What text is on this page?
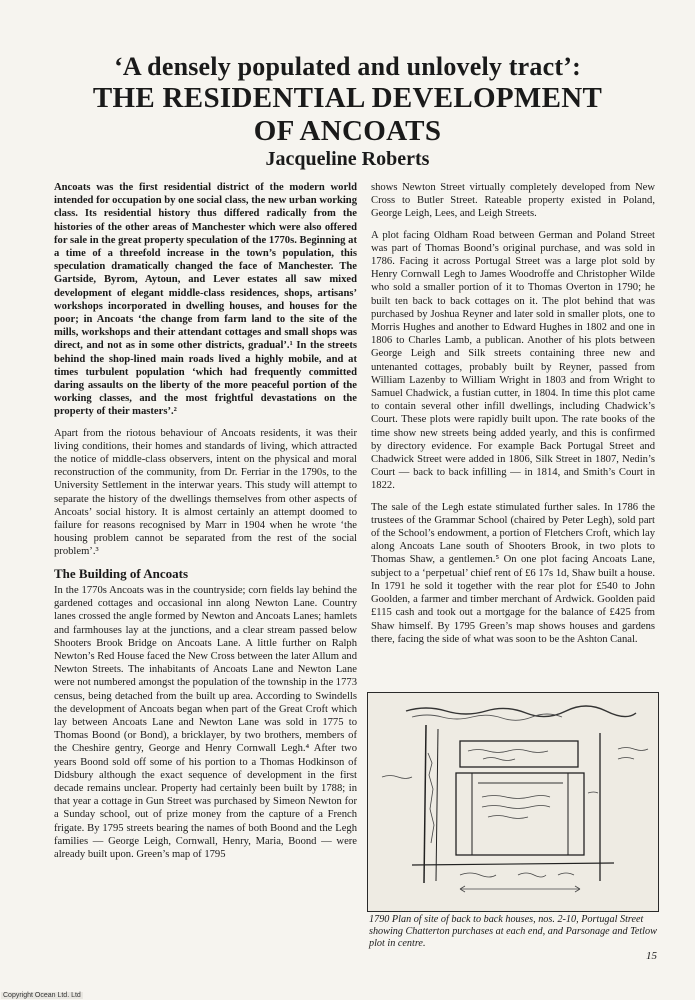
‘A densely populated and unlovely tract’:
THE RESIDENTIAL DEVELOPMENT
OF ANCOATS
Jacqueline Roberts

Ancoats was the first residential district of the modern world intended for occupation by one social class, the new urban working class. Its residential history thus differed radically from the histories of the other areas of Manchester which were also offered for sale in the great property speculation of the 1770s. Beginning at a time of a threefold increase in the town’s population, this speculation dramatically changed the face of Manchester. The Gartside, Byrom, Aytoun, and Lever estates all saw mixed development of elegant middle-class residences, shops, artisans’ workshops incorporated in dwelling houses, and houses for the poor; in Ancoats ‘the change from farm land to the site of the mills, workshops and their attendant cottages and small shops was direct, and not as in some other districts, gradual’.¹ In the streets behind the shop-lined main roads lived a highly mobile, and at times turbulent population ‘which had frequently committed daring assaults on the liberty of the more peaceful portion of the working classes, and the most frightful devastations on the property of their masters’.²

Apart from the riotous behaviour of Ancoats residents, it was their living conditions, their homes and standards of living, which attracted the notice of middle-class observers, intent on the physical and moral reconstruction of the community, from Dr. Ferriar in the 1790s, to the University Settlement in the interwar years. This study will attempt to separate the history of the dwellings themselves from other aspects of Ancoats’ social history. It is almost certainly an attempt doomed to failure for reasons recognised by Marr in 1904 when he wrote ‘the housing problem cannot be separated from the rest of the social problem’.³

The Building of Ancoats

In the 1770s Ancoats was in the countryside; corn fields lay behind the gardened cottages and occasional inn along Newton Lane. Country lanes crossed the angle formed by Newton and Ancoats Lanes; hamlets and farmhouses lay at the junctions, and a clear stream passed below Shooters Brook Bridge on Ancoats Lane. A little further on Ralph Newton’s Red House faced the New Cross between the later Allum and Newton Streets. The inhabitants of Ancoats Lane and Newton Lane were not numbered amongst the population of the township in the 1773 census, being detached from the built up area. According to Swindells the development of Ancoats began when part of the Great Croft which lay between Ancoats Lane and Newton Lane was sold in 1775 to Thomas Boond (or Bond), a bricklayer, by two brothers, members of the Cheshire gentry, George and Henry Cornwall Legh.⁴ After two years Boond sold off some of his portion to a Thomas Hodkinson of Didsbury although the exact sequence of development in the first decade remains unclear. Property had certainly been built by 1788; in that year a cottage in Gun Street was purchased by Simeon Newton for a Sunday school, out of prize money from the capture of a French frigate. By 1795 streets bearing the names of both Boond and the Legh families — George Leigh, Cornwall, Henry, Maria, Boond — were already built upon. Green’s map of 1795

shows Newton Street virtually completely developed from New Cross to Butler Street. Rateable property existed in Poland, George Leigh, Lees, and Leigh Streets.

A plot facing Oldham Road between German and Poland Street was part of Thomas Boond’s original purchase, and was sold in 1786. Facing it across Portugal Street was a large plot sold by Henry Cornwall Legh to James Woodroffe and Christopher Wilde who sold a smaller portion of it to Thomas Overton in 1790; he built ten back to back cottages on it. The plot behind that was purchased by Joshua Reyner and later sold in smaller plots, one to Morris Hughes and another to Edward Hughes in 1802 and one in 1806 to Charles Lamb, a publican. Another of his plots between George Leigh and Silk streets containing three new and untenanted cottages, probably built by Reyner, passed from William Lazenby to William Wright in 1803 and from Wright to Samuel Chadwick, a fustian cutter, in 1804. In time this plot came to contain several other infill dwellings, including Chadwick’s Court. These plots were rapidly built upon. The rate books of the time show new streets being added yearly, and this is confirmed by directory evidence. For example Back Portugal Street and Chadwick Street were added in 1806, Silk Street in 1807, Nedin’s Court — back to back infilling — in 1814, and Smith’s Court in 1822.

The sale of the Legh estate stimulated further sales. In 1786 the trustees of the Grammar School (chaired by Peter Legh), sold part of the School’s endowment, a portion of Fletchers Croft, which lay along Ancoats Lane south of Shooters Brook, in two plots to Thomas Shaw, a gentlemen.⁵ On one plot facing Ancoats Lane, subject to a ‘perpetual’ chief rent of £6 17s 1d, Shaw built a house. In 1791 he sold it together with the rear plot for £540 to John Goolden, a farmer and timber merchant of Ardwick. Goolden paid £115 cash and took out a mortgage for the balance of £425 from Shaw himself. By 1795 Green’s map shows houses and gardens there, facing the side of what was soon to be the Ashton Canal.

1790 Plan of site of back to back houses, nos. 2-10, Portugal Street showing Chatterton purchases at each end, and Parsonage and Tetlow plot in centre.
15
Copyright Ocean Ltd. Ltd
